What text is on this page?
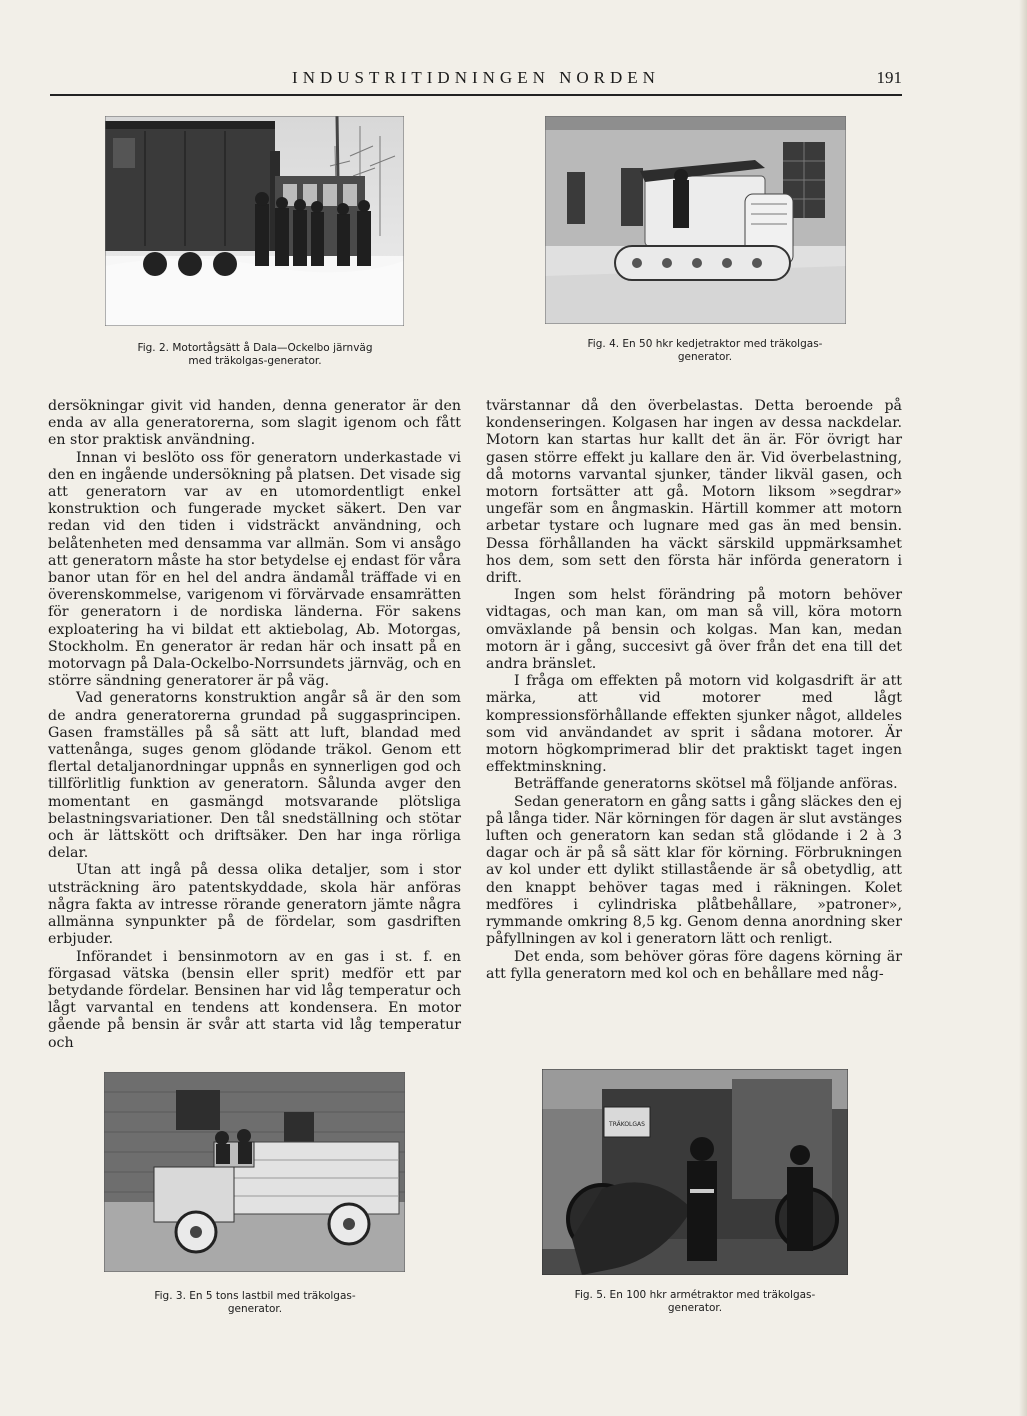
INDUSTRITIDNINGEN NORDEN	191
Fig. 2. Motortågsätt å Dala—Ockelbo järnväg
med träkolgas-generator.
Fig. 4. En 50 hkr kedjetraktor med träkolgas-
generator.

dersökningar givit vid handen, denna generator är den enda av alla generatorerna, som slagit igenom och fått en stor praktisk användning.

Innan vi beslöto oss för generatorn underkastade vi den en ingående undersökning på platsen. Det visade sig att generatorn var av en utomordentligt enkel konstruktion och fungerade mycket säkert. Den var redan vid den tiden i vidsträckt användning, och belåtenheten med densamma var allmän. Som vi ansågo att generatorn måste ha stor betydelse ej endast för våra banor utan för en hel del andra ändamål träffade vi en överenskommelse, varigenom vi förvärvade ensamrätten för generatorn i de nordiska länderna. För sakens exploatering ha vi bildat ett aktiebolag, Ab. Motorgas, Stockholm. En generator är redan här och insatt på en motorvagn på Dala-Ockelbo-Norrsundets järnväg, och en större sändning generatorer är på väg.

Vad generatorns konstruktion angår så är den som de andra generatorerna grundad på suggasprincipen. Gasen framställes på så sätt att luft, blandad med vattenånga, suges genom glödande träkol. Genom ett flertal detaljanordningar uppnås en synnerligen god och tillförlitlig funktion av generatorn. Sålunda avger den momentant en gasmängd motsvarande plötsliga belastningsvariationer. Den tål snedställning och stötar och är lättskött och driftsäker. Den har inga rörliga delar.

Utan att ingå på dessa olika detaljer, som i stor utsträckning äro patentskyddade, skola här anföras några fakta av intresse rörande generatorn jämte några allmänna synpunkter på de fördelar, som gasdriften erbjuder.

Införandet i bensinmotorn av en gas i st. f. en förgasad vätska (bensin eller sprit) medför ett par betydande fördelar. Bensinen har vid låg temperatur och lågt varvantal en tendens att kondensera. En motor gående på bensin är svår att starta vid låg temperatur och

tvärstannar då den överbelastas. Detta beroende på kondenseringen. Kolgasen har ingen av dessa nackdelar. Motorn kan startas hur kallt det än är. För övrigt har gasen större effekt ju kallare den är. Vid överbelastning, då motorns varvantal sjunker, tänder likväl gasen, och motorn fortsätter att gå. Motorn liksom »segdrar» ungefär som en ångmaskin. Härtill kommer att motorn arbetar tystare och lugnare med gas än med bensin. Dessa förhållanden ha väckt särskild uppmärksamhet hos dem, som sett den första här införda generatorn i drift.

Ingen som helst förändring på motorn behöver vidtagas, och man kan, om man så vill, köra motorn omväxlande på bensin och kolgas. Man kan, medan motorn är i gång, succesivt gå över från det ena till det andra bränslet.

I fråga om effekten på motorn vid kolgasdrift är att märka, att vid motorer med lågt kompressionsförhållande effekten sjunker något, alldeles som vid användandet av sprit i sådana motorer. Är motorn högkomprimerad blir det praktiskt taget ingen effektminskning.

Beträffande generatorns skötsel må följande anföras.

Sedan generatorn en gång satts i gång släckes den ej på långa tider. När körningen för dagen är slut avstänges luften och generatorn kan sedan stå glödande i 2 à 3 dagar och är på så sätt klar för körning. Förbrukningen av kol under ett dylikt stillastående är så obetydlig, att den knappt behöver tagas med i räkningen. Kolet medföres i cylindriska plåtbehållare, »patroner», rymmande omkring 8,5 kg. Genom denna anordning sker påfyllningen av kol i generatorn lätt och renligt.

Det enda, som behöver göras före dagens körning är att fylla generatorn med kol och en behållare med någ-

Fig. 3. En 5 tons lastbil med träkolgas-
generator.
TRÄKOLGAS
Fig. 5. En 100 hkr armétraktor med träkolgas-
generator.
